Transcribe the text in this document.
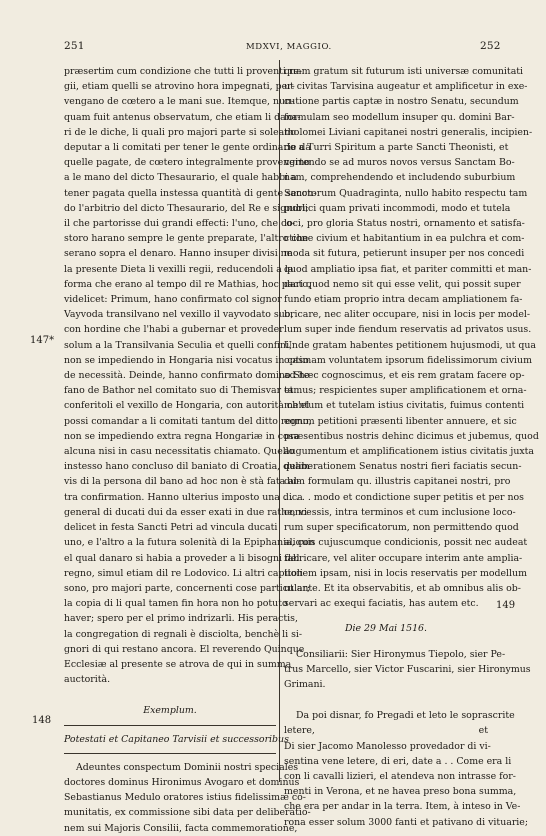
251	MDXVI, MAGGIO.	252
147*
148
149
præsertim cum condizione che tutti li proventi re-
gii, etiam quelli se atrovino hora impegnati, per-
vengano de cœtero a le mani sue. Itemque, nun-
quam fuit antenus observatum, che etiam li dana-
ri de le diche, li quali pro majori parte si soleano
deputar a li comitati per tener le gente ordinarie da
quelle pagate, de cœtero integralmente provengino
a le mano del dicto Thesaurario, el quale habbi a
tener pagata quella instessa quantità di gente secon-
do l'arbitrio del dicto Thesaurario, del Re e signori;
il che partorisse dui grandi effecti: l'uno, che co-
storo harano sempre le gente preparate, l'altro che
serano sopra el denaro. Hanno insuper divisi ne
la presente Dieta li vexilli regii, reducendoli a la
forma che erano al tempo dil re Mathias, hoc pacto,
videlicet: Primum, hano confirmato col signor
Vayvoda transilvano nel vexillo il vayvodato suo,
con hordine che l'habi a gubernar et proveder
solum a la Transilvania Seculia et quelli confini,
non se impediendo in Hongaria nisi vocatus in caso
de necessità. Deinde, hanno confirmato domino Ste-
fano de Bathor nel comitato suo di Themisvar et
conferitoli el vexillo de Hongaria, con autorità ch'el
possi comandar a li comitati tantum del ditto regno,
non se impediendo extra regna Hongariæ in cosa
alcuna nisi in casu necessitatis chiamato. Quello
instesso hano concluso dil baniato di Croatia, quam-
vis di la persona dil bano ad hoc non è stà fata al-
tra confirmation. Hanno ulterius imposto una dica
general di ducati dui da esser exati in due rathe, vi-
delicet in festa Sancti Petri ad vincula ducati
uno, e l'altro a la futura solenità di la Epiphania, con
el qual danaro si habia a proveder a li bisogni del
regno, simul etiam dil re Lodovico. Li altri capitoli
sono, pro majori parte, concernenti cose particular;
la copia di li qual tamen fin hora non ho potuto
haver; spero per el primo indrizarli. His peractis,
la congregation di regnali è disciolta, benchè li si-
gnori di qui restano ancora. El reverendo Quinque
Ecclesiæ al presente se atrova de qui in summa
auctorità.
Exemplum.
Potestati et Capitaneo Tarvisii et successoribus
Adeuntes conspectum Dominii nostri speciales
doctores dominus Hironimus Avogaro et dominus
Sebastianus Medulo oratores istius fidelissimæ co-
munitatis, ex commissione sibi data per deliberatio-
nem sui Majoris Consilii, facta commemoratione,
quam gratum sit futurum isti universæ comunitati
ut civitas Tarvisina augeatur et amplificetur in exe-
cutione partis captæ in nostro Senatu, secundum
formulam seo modellum insuper qu. domini Bar-
tholomei Liviani capitanei nostri generalis, incipien-
do a Turri Spiritum a parte Sancti Theonisti, et
vertendo se ad muros novos versus Sanctam Bo-
nam, comprehendendo et includendo suburbium
Sanctorum Quadraginta, nullo habito respectu tam
publici quam privati incommodi, modo et tutela
loci, pro gloria Status nostri, ornamento et satisfa-
ctione civium et habitantium in ea pulchra et com-
moda sit futura, petierunt insuper per nos concedi
quod ampliatio ipsa fiat, et pariter committi et man-
dari quod nemo sit qui esse velit, qui possit super
fundo etiam proprio intra decam ampliationem fa-
bricare, nec aliter occupare, nisi in locis per model-
lum super inde fiendum reservatis ad privatos usus.
Unde gratam habentes petitionem hujusmodi, ut qua
optimam voluntatem ipsorum fidelissimorum civium
ad hæc cognoscimus, et eis rem gratam facere op-
tamus; respicientes super amplificationem et orna-
mentum et tutelam istius civitatis, fuimus contenti
eorum petitioni præsenti libenter annuere, et sic
præsentibus nostris dehinc dicimus et jubemus, quod
augumentum et amplificationem istius civitatis juxta
deliberationem Senatus nostri fieri faciatis secun-
dum formulam qu. illustris capitanei nostri, pro
. . . . . modo et condictione super petitis et per nos
concessis, intra terminos et cum inclusione loco-
rum super specificatorum, non permittendo quod
aliquis cujuscumque condicionis, possit nec audeat
fabricare, vel aliter occupare interim ante amplia-
tionem ipsam, nisi in locis reservatis per modellum
ut ante. Et ita observabitis, et ab omnibus alis ob-
servari ac exequi faciatis, has autem etc.
Die 29 Mai 1516.
Consiliarii: Sier Hironymus Tiepolo, sier Pe-
trus Marcello, sier Victor Fuscarini, sier Hironymus
Grimani.
Da poi disnar, fo Pregadi et leto le soprascrite
letere, et
Di sier Jacomo Manolesso provedador di vi-
sentina vene letere, di eri, date a . . Come era li
con li cavalli lizieri, el atendeva non intrasse for-
menti in Verona, et ne havea preso bona summa,
che era per andar in la terra. Item, à inteso in Ve-
rona esser solum 3000 fanti et pativano di vituarie;
